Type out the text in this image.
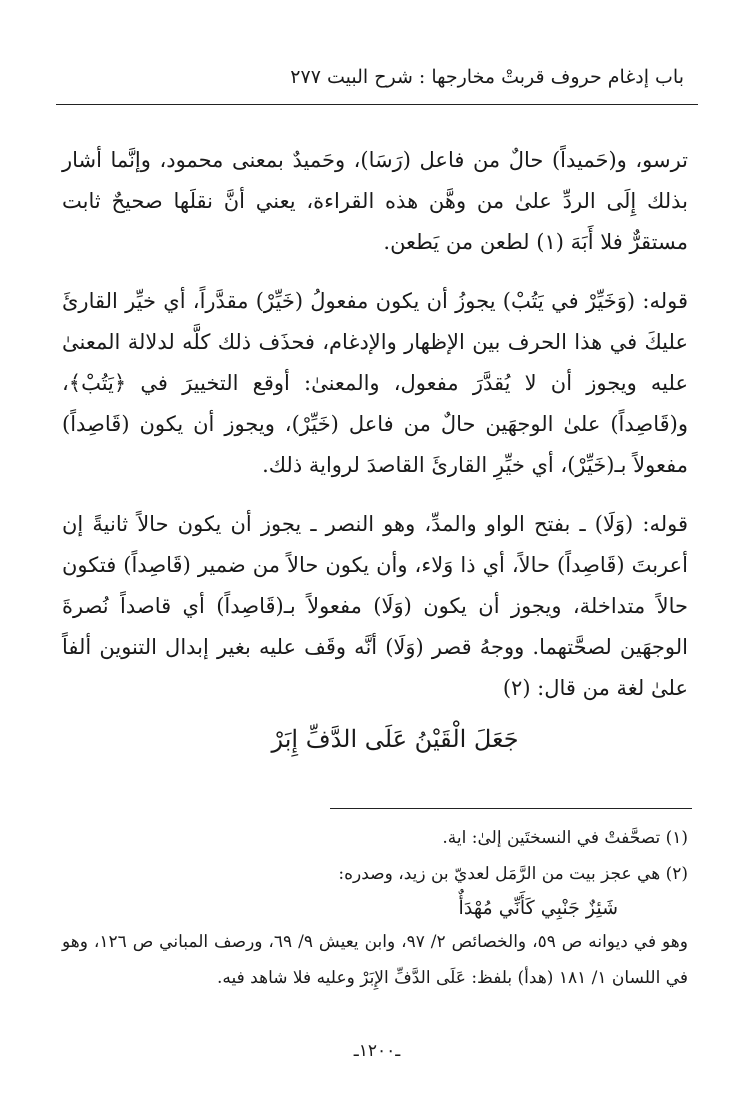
باب إدغام حروف قربتْ مخارجها : شرح البيت ٢٧٧

ترسو، و(حَميداً) حالٌ من فاعل (رَسَا)، وحَميدٌ بمعنى محمود، وإنَّما أشار بذلك إِلَى الردِّ علىٰ من وهَّن هذه القراءة، يعني أنَّ نقلَها صحيحٌ ثابت مستقرٌّ فلا أَبَهَ (١) لطعن من يَطعن.

قوله: (وَخَيِّرْ في يَتُبْ) يجوزُ أن يكون مفعولُ (خَيِّرْ) مقدَّراً، أي خيِّر القارئَ عليكَ في هذا الحرف بين الإظهار والإدغام، فحذَف ذلك كلَّه لدلالة المعنىٰ عليه ويجوز أن لا يُقدَّرَ مفعول، والمعنىٰ: أوقع التخييرَ في ﴿يَتُبْ﴾، و(قَاصِداً) علىٰ الوجهَين حالٌ من فاعل (خَيِّرْ)، ويجوز أن يكون (قَاصِداً) مفعولاً بـ(خَيِّرْ)، أي خيِّرِ القارئَ القاصدَ لرواية ذلك.

قوله: (وَلَا) ـ بفتح الواو والمدِّ، وهو النصر ـ يجوز أن يكون حالاً ثانيةً إن أعربتَ (قَاصِداً) حالاً، أي ذا وَلاء، وأن يكون حالاً من ضمير (قَاصِداً) فتكون حالاً متداخلة، ويجوز أن يكون (وَلَا) مفعولاً بـ(قَاصِداً) أي قاصداً نُصرةَ الوجهَين لصحَّتهما. ووجهُ قصر (وَلَا) أنَّه وقَف عليه بغير إبدال التنوين ألفاً علىٰ لغة من قال: (٢)

جَعَلَ الْقَيْنُ عَلَى الدَّفِّ إِبَرْ

(١) تصحَّفتْ في النسختَين إلىٰ: اية.

(٢) هي عجز بيت من الرَّمَل لعديّ بن زيد، وصدره:

شَئِزٌ جَنْبِي كَأَنِّي مُهْدَأٌ

وهو في ديوانه ص ٥٩، والخصائص ٢/ ٩٧، وابن يعيش ٩/ ٦٩، ورصف المباني ص ١٢٦، وهو في اللسان ١/ ١٨١ (هدأ) بلفظ: عَلَى الدَّفِّ الإِبَرْ وعليه فلا شاهد فيه.

ـ١٢٠٠ـ
